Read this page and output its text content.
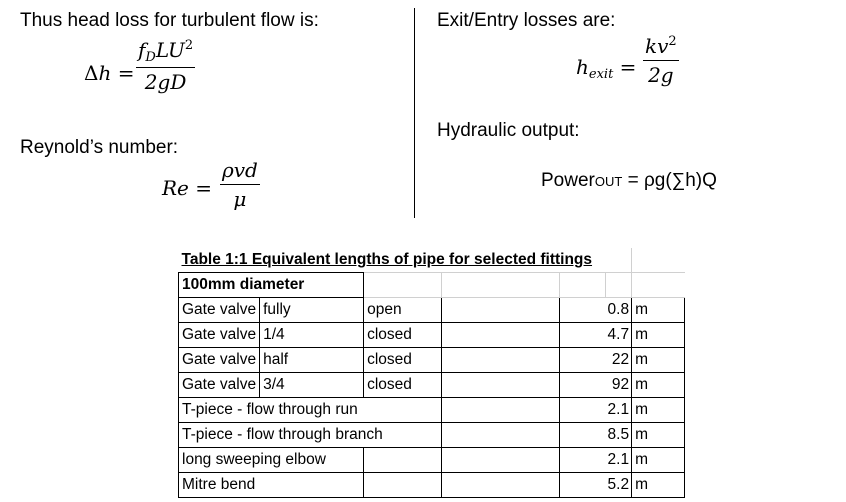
Thus head loss for turbulent flow is:
Δh =
$f_DLU^2$
2gD
Reynold’s number:
Re =
ρvd
μ
Exit/Entry losses are:
$h_{exit} = \frac{kv^2}{2g}$
Hydraulic output:
PowerOUT = ρg(∑h)Q
Table 1:1 Equivalent lengths of pipe for selected fittings						
100mm diameter						
Gate valve	fully	open		0.8		m
Gate valve	1/4	closed		4.7		m
Gate valve	half	closed		22		m
Gate valve	3/4	closed		92		m
T-piece - flow through run				2.1		m
T-piece - flow through branch				8.5		m
long sweeping elbow				2.1		m
Mitre bend				5.2		m
